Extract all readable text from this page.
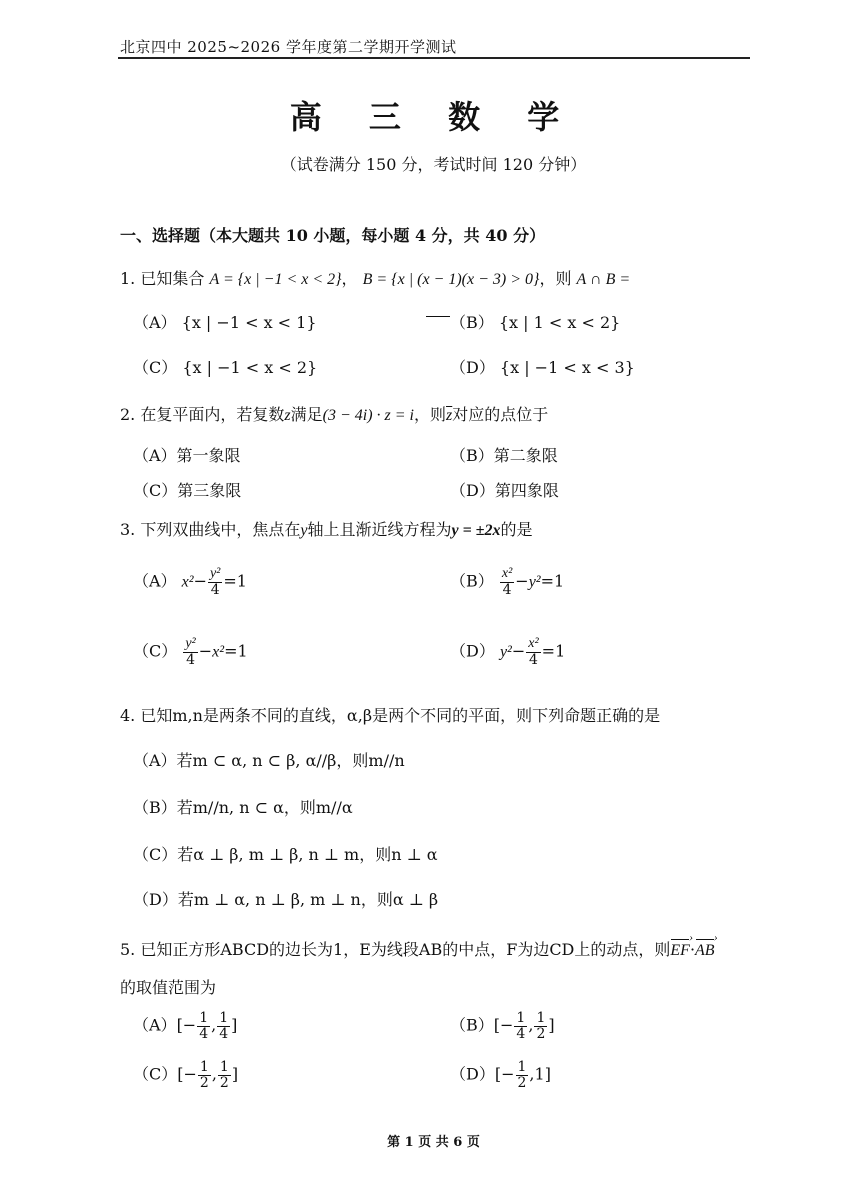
北京四中 2025~2026 学年度第二学期开学测试
高 三 数 学
（试卷满分 150 分，考试时间 120 分钟）
一、选择题（本大题共 10 小题，每小题 4 分，共 40 分）
1. 已知集合 A = {x | −1 < x < 2}， B = {x | (x − 1)(x − 3) > 0}，则 A ∩ B =
（A） {x | −1 < x < 1}	（B） {x | 1 < x < 2}
（C） {x | −1 < x < 2}	（D） {x | −1 < x < 3}
2. 在复平面内，若复数z满足(3 − 4i) · z = i，则$\overline{z}$对应的点位于
（A）第一象限	（B）第二象限
（C）第三象限	（D）第四象限
3. 下列双曲线中，焦点在y轴上且渐近线方程为y = ±2x的是
（A） $x^2- \frac{\text{y²}}{4} =1$	$(B) \frac{\text{x²}}{4} -y^2=1$
$(C) \frac{\text{y²}}{4} -x^2=1$	（D） $y^2- \frac{\text{x²}}{4} =1$
4. 已知m,n是两条不同的直线，α,β是两个不同的平面，则下列命题正确的是
（A）若m ⊂ α, n ⊂ β, α//β，则m//n
（B）若m//n, n ⊂ α，则m//α
（C）若α ⊥ β, m ⊥ β, n ⊥ m，则n ⊥ α
（D）若m ⊥ α, n ⊥ β, m ⊥ n，则α ⊥ β
5. 已知正方形ABCD的边长为1，E为线段AB的中点，F为边CD上的动点，则EF ›·AB ›
的取值范围为
$(A)[- \frac{1}{4}$ , $\frac{1}{4}$ ]	$(B)[- \frac{1}{4}$ , $\frac{1}{2}$ ]
$(C)[- \frac{1}{2}$ , $\frac{1}{2}$ ]	$(D)[- \frac{1}{2} ,1]$
第 1 页 共 6 页
